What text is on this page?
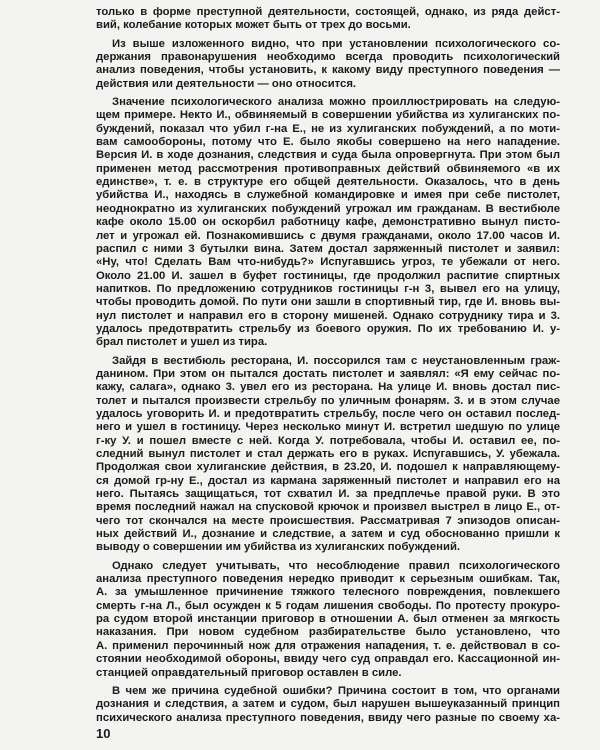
только в форме преступной деятельности, состоящей, однако, из ряда дейст-
вий, колебание которых может быть от трех до восьми.

Из выше изложенного видно, что при установлении психологического со-
держания правонарушения необходимо всегда проводить психологический
анализ поведения, чтобы установить, к какому виду преступного поведения —
действия или деятельности — оно относится.

Значение психологического анализа можно проиллюстрировать на следую-
щем примере. Некто И., обвиняемый в совершении убийства из хулиганских по-
буждений, показал что убил г-на Е., не из хулиганских побуждений, а по моти-
вам самообороны, потому что Е. было якобы совершено на него нападение.
Версия И. в ходе дознания, следствия и суда была опровергнута. При этом был
применен метод рассмотрения противоправных действий обвиняемого «в их
единстве», т. е. в структуре его общей деятельности. Оказалось, что в день
убийства И., находясь в служебной командировке и имея при себе пистолет,
неоднократно из хулиганских побуждений угрожал им гражданам. В вестибюле
кафе около 15.00 он оскорбил работницу кафе, демонстративно вынул писто-
лет и угрожал ей. Познакомившись с двумя гражданами, около 17.00 часов И.
распил с ними 3 бутылки вина. Затем достал заряженный пистолет и заявил:
«Ну, что! Сделать Вам что-нибудь?» Испугавшись угроз, те убежали от него.
Около 21.00 И. зашел в буфет гостиницы, где продолжил распитие спиртных
напитков. По предложению сотрудников гостиницы г-н 3, вывел его на улицу,
чтобы проводить домой. По пути они зашли в спортивный тир, где И. вновь вы-
нул пистолет и направил его в сторону мишеней. Однако сотруднику тира и 3.
удалось предотвратить стрельбу из боевого оружия. По их требованию И. у-
брал пистолет и ушел из тира.

Зайдя в вестибюль ресторана, И. поссорился там с неустановленным граж-
данином. При этом он пытался достать пистолет и заявлял: «Я ему сейчас по-
кажу, салага», однако 3. увел его из ресторана. На улице И. вновь достал пис-
толет и пытался произвести стрельбу по уличным фонарям. 3. и в этом случае
удалось уговорить И. и предотвратить стрельбу, после чего он оставил послед-
него и ушел в гостиницу. Через несколько минут И. встретил шедшую по улице
г-ку У. и пошел вместе с ней. Когда У. потребовала, чтобы И. оставил ее, по-
следний вынул пистолет и стал держать его в руках. Испугавшись, У. убежала.
Продолжая свои хулиганские действия, в 23.20, И. подошел к направляющему-
ся домой гр-ну Е., достал из кармана заряженный пистолет и направил его на
него. Пытаясь защищаться, тот схватил И. за предплечье правой руки. В это
время последний нажал на спусковой крючок и произвел выстрел в лицо Е., от-
чего тот скончался на месте происшествия. Рассматривая 7 эпизодов описан-
ных действий И., дознание и следствие, а затем и суд обоснованно пришли к
выводу о совершении им убийства из хулиганских побуждений.

Однако следует учитывать, что несоблюдение правил психологического
анализа преступного поведения нередко приводит к серьезным ошибкам. Так,
А. за умышленное причинение тяжкого телесного повреждения, повлекшего
смерть г-на Л., был осужден к 5 годам лишения свободы. По протесту прокуро-
ра судом второй инстанции приговор в отношении А. был отменен за мягкость
наказания. При новом судебном разбирательстве было установлено, что
А. применил перочинный нож для отражения нападения, т. е. действовал в со-
стоянии необходимой обороны, ввиду чего суд оправдал его. Кассационной ин-
станцией оправдательный приговор оставлен в силе.

В чем же причина судебной ошибки? Причина состоит в том, что органами
дознания и следствия, а затем и судом, был нарушен вышеуказанный принцип
психического анализа преступного поведения, ввиду чего разные по своему ха-

10
